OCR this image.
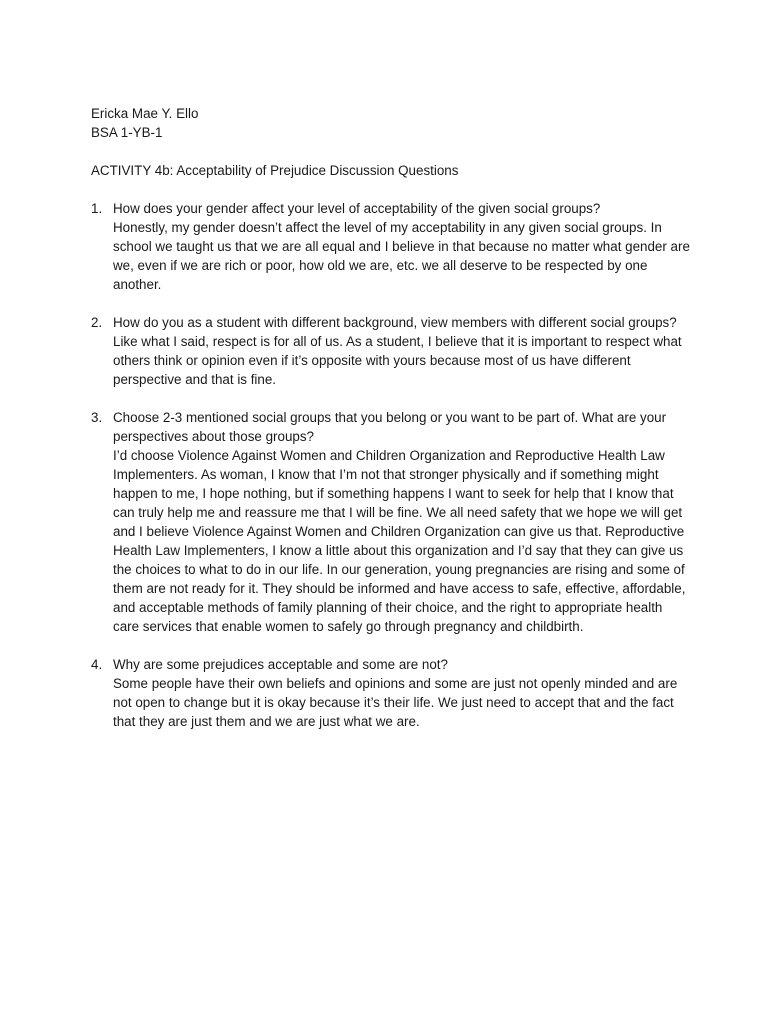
Ericka Mae Y. Ello

BSA 1-YB-1

ACTIVITY 4b: Acceptability of Prejudice Discussion Questions

1. How does your gender affect your level of acceptability of the given social groups?

Honestly, my gender doesn’t affect the level of my acceptability in any given social groups. In school we taught us that we are all equal and I believe in that because no matter what gender are we, even if we are rich or poor, how old we are, etc. we all deserve to be respected by one another.

2. How do you as a student with different background, view members with different social groups?

Like what I said, respect is for all of us. As a student, I believe that it is important to respect what others think or opinion even if it’s opposite with yours because most of us have different perspective and that is fine.

3. Choose 2-3 mentioned social groups that you belong or you want to be part of. What are your perspectives about those groups?

I’d choose Violence Against Women and Children Organization and Reproductive Health Law Implementers. As woman, I know that I’m not that stronger physically and if something might happen to me, I hope nothing, but if something happens I want to seek for help that I know that can truly help me and reassure me that I will be fine. We all need safety that we hope we will get and I believe Violence Against Women and Children Organization can give us that. Reproductive Health Law Implementers, I know a little about this organization and I’d say that they can give us the choices to what to do in our life. In our generation, young pregnancies are rising and some of them are not ready for it. They should be informed and have access to safe, effective, affordable, and acceptable methods of family planning of their choice, and the right to appropriate health care services that enable women to safely go through pregnancy and childbirth.

4. Why are some prejudices acceptable and some are not?

Some people have their own beliefs and opinions and some are just not openly minded and are not open to change but it is okay because it’s their life. We just need to accept that and the fact that they are just them and we are just what we are.
